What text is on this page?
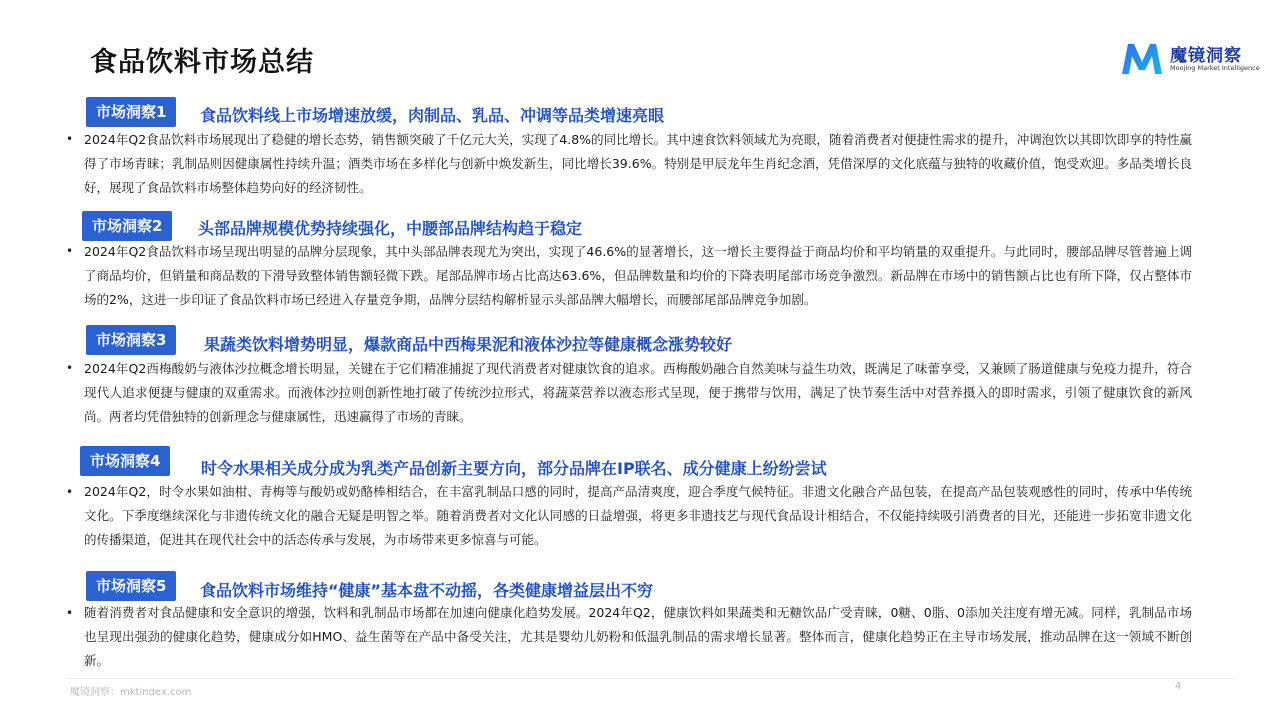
食品饮料市场总结	魔镜洞察
Moojing Market Intelligence
市场洞察1	食品饮料线上市场增速放缓，肉制品、乳品、冲调等品类增速亮眼
• 2024年Q2食品饮料市场展现出了稳健的增长态势，销售额突破了千亿元大关，实现了4.8%的同比增长。其中速食饮料领域尤为亮眼，随着消费者对便捷性需求的提升，冲调泡饮以其即饮即享的特性赢得了市场青睐；乳制品则因健康属性持续升温；酒类市场在多样化与创新中焕发新生，同比增长39.6%。特别是甲辰龙年生肖纪念酒，凭借深厚的文化底蕴与独特的收藏价值，饱受欢迎。多品类增长良好，展现了食品饮料市场整体趋势向好的经济韧性。
市场洞察2	头部品牌规模优势持续强化，中腰部品牌结构趋于稳定
• 2024年Q2食品饮料市场呈现出明显的品牌分层现象，其中头部品牌表现尤为突出，实现了46.6%的显著增长，这一增长主要得益于商品均价和平均销量的双重提升。与此同时，腰部品牌尽管普遍上调了商品均价，但销量和商品数的下滑导致整体销售额轻微下跌。尾部品牌市场占比高达63.6%，但品牌数量和均价的下降表明尾部市场竞争激烈。新品牌在市场中的销售额占比也有所下降，仅占整体市场的2%，这进一步印证了食品饮料市场已经进入存量竞争期，品牌分层结构解析显示头部品牌大幅增长，而腰部尾部品牌竞争加剧。
市场洞察3	果蔬类饮料增势明显，爆款商品中西梅果泥和液体沙拉等健康概念涨势较好
• 2024年Q2西梅酸奶与液体沙拉概念增长明显，关键在于它们精准捕捉了现代消费者对健康饮食的追求。西梅酸奶融合自然美味与益生功效，既满足了味蕾享受，又兼顾了肠道健康与免疫力提升，符合现代人追求便捷与健康的双重需求。而液体沙拉则创新性地打破了传统沙拉形式，将蔬菜营养以液态形式呈现，便于携带与饮用，满足了快节奏生活中对营养摄入的即时需求，引领了健康饮食的新风尚。两者均凭借独特的创新理念与健康属性，迅速赢得了市场的青睐。
市场洞察4	时令水果相关成分成为乳类产品创新主要方向，部分品牌在IP联名、成分健康上纷纷尝试
• 2024年Q2，时令水果如油柑、青梅等与酸奶或奶酪棒相结合，在丰富乳制品口感的同时，提高产品清爽度，迎合季度气候特征。非遗文化融合产品包装，在提高产品包装观感性的同时，传承中华传统文化。下季度继续深化与非遗传统文化的融合无疑是明智之举。随着消费者对文化认同感的日益增强，将更多非遗技艺与现代食品设计相结合，不仅能持续吸引消费者的目光，还能进一步拓宽非遗文化的传播渠道，促进其在现代社会中的活态传承与发展，为市场带来更多惊喜与可能。
市场洞察5	食品饮料市场维持“健康”基本盘不动摇，各类健康增益层出不穷
• 随着消费者对食品健康和安全意识的增强，饮料和乳制品市场都在加速向健康化趋势发展。2024年Q2，健康饮料如果蔬类和无糖饮品广受青睐，0糖、0脂、0添加关注度有增无减。同样，乳制品市场也呈现出强劲的健康化趋势，健康成分如HMO、益生菌等在产品中备受关注，尤其是婴幼儿奶粉和低温乳制品的需求增长显著。整体而言，健康化趋势正在主导市场发展，推动品牌在这一领域不断创新。
魔镜洞察：mktindex.com
4
